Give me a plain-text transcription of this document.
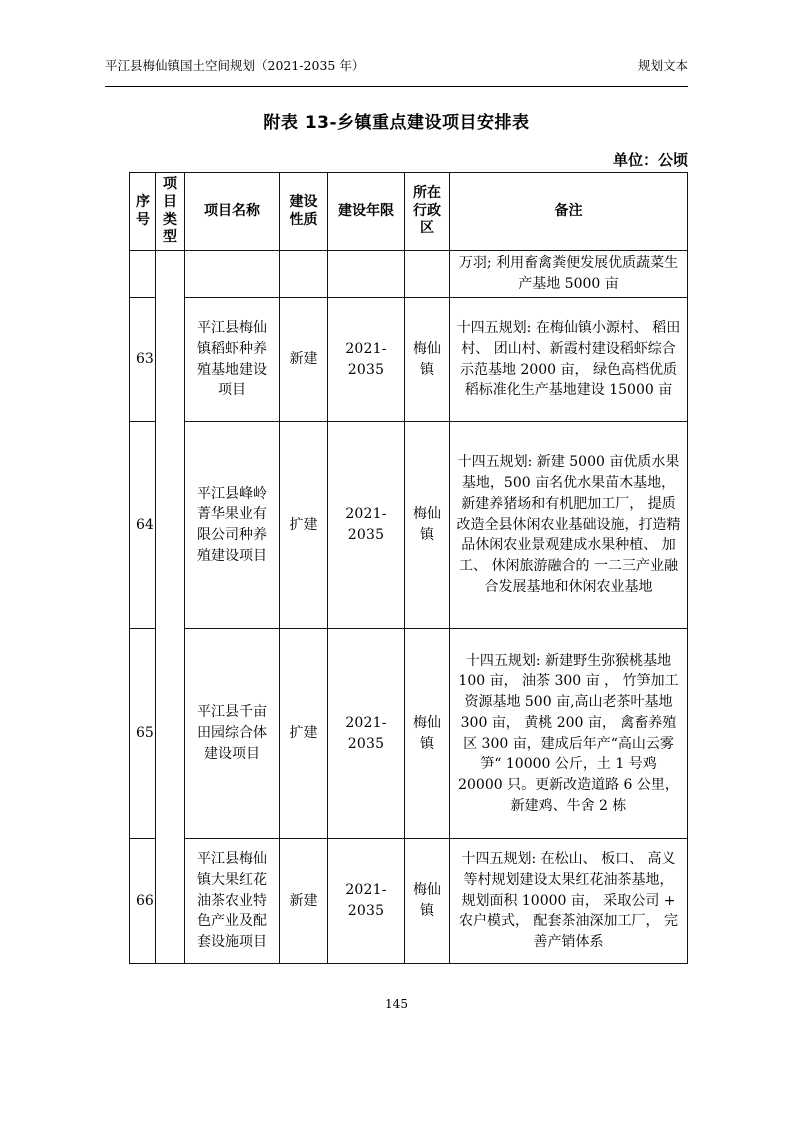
平江县梅仙镇国土空间规划（2021-2035 年）	规划文本
附表 13-乡镇重点建设项目安排表
单位：公顷
序号	项目类型	项目名称	建设性质	建设年限	所在行政区	备注
						万羽; 利用畜禽粪便发展优质蔬菜生产基地 5000 亩
63		平江县梅仙镇稻虾种养殖基地建设项目	新建	2021-2035	梅仙镇	十四五规划: 在梅仙镇小源村、 稻田村、 团山村、新霞村建设稻虾综合示范基地 2000 亩， 绿色高档优质稻标准化生产基地建设 15000 亩
64		平江县峰岭菁华果业有限公司种养殖建设项目	扩建	2021-2035	梅仙镇	十四五规划: 新建 5000 亩优质水果基地，500 亩名优水果苗木基地， 新建养猪场和有机肥加工厂， 提质改造全县休闲农业基础设施，打造精品休闲农业景观建成水果种植、 加工、 休闲旅游融合的 一二三产业融合发展基地和休闲农业基地
65		平江县千亩田园综合体建设项目	扩建	2021-2035	梅仙镇	十四五规划: 新建野生弥猴桃基地 100 亩， 油茶 300 亩 ， 竹笋加工资源基地 500 亩,高山老茶叶基地 300 亩， 黄桃 200 亩， 禽畜养殖区 300 亩，建成后年产“高山云雾笋“ 10000 公斤，土 1 号鸡 20000 只。更新改造道路 6 公里， 新建鸡、牛舍 2 栋
66		平江县梅仙镇大果红花油茶农业特色产业及配套设施项目	新建	2021-2035	梅仙镇	十四五规划: 在松山、 板口、 高义等村规划建设太果红花油茶基地， 规划面积 10000 亩， 采取公司 + 农户模式， 配套茶油深加工厂， 完善产销体系
145
